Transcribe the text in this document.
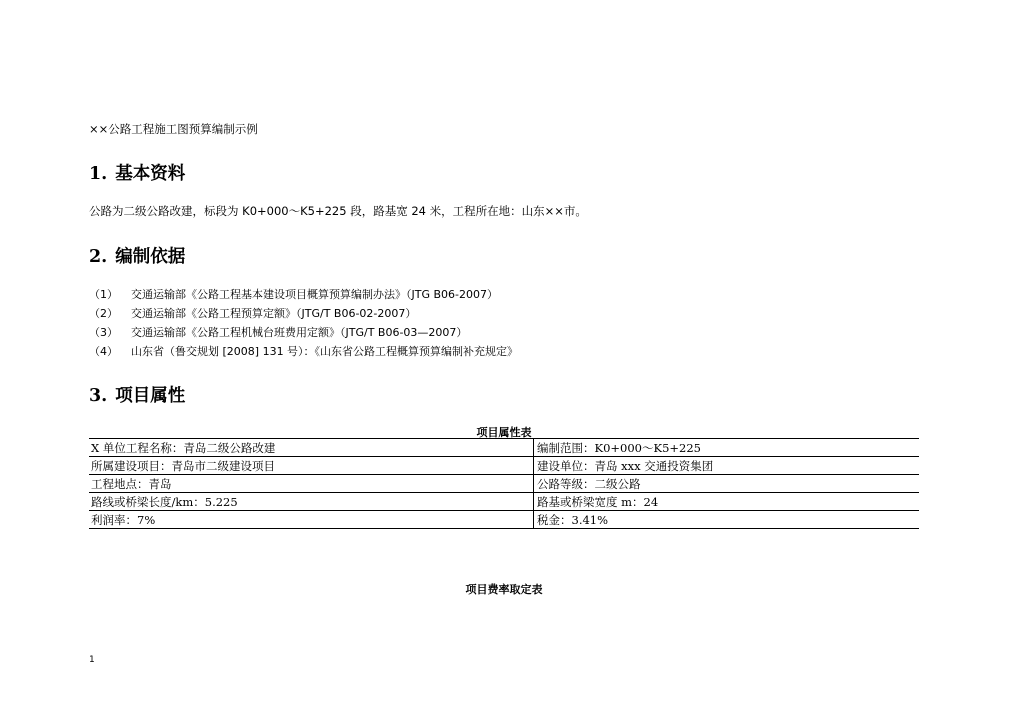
××公路工程施工图预算编制示例
1. 基本资料
公路为二级公路改建，标段为 K0+000～K5+225 段，路基宽 24 米，工程所在地：山东××市。
2. 编制依据
（1） 交通运输部《公路工程基本建设项目概算预算编制办法》（JTG B06-2007）
（2） 交通运输部《公路工程预算定额》（JTG/T B06-02-2007）
（3） 交通运输部《公路工程机械台班费用定额》（JTG/T B06-03—2007）
（4） 山东省（鲁交规划 [2008] 131 号）：《山东省公路工程概算预算编制补充规定》
3. 项目属性
项目属性表
X 单位工程名称：青岛二级公路改建	编制范围：K0+000～K5+225
所属建设项目：青岛市二级建设项目	建设单位：青岛 xxx 交通投资集团
工程地点：青岛	公路等级：二级公路
路线或桥梁长度/km：5.225	路基或桥梁宽度 m：24
利润率：7%	税金：3.41%
项目费率取定表
1
